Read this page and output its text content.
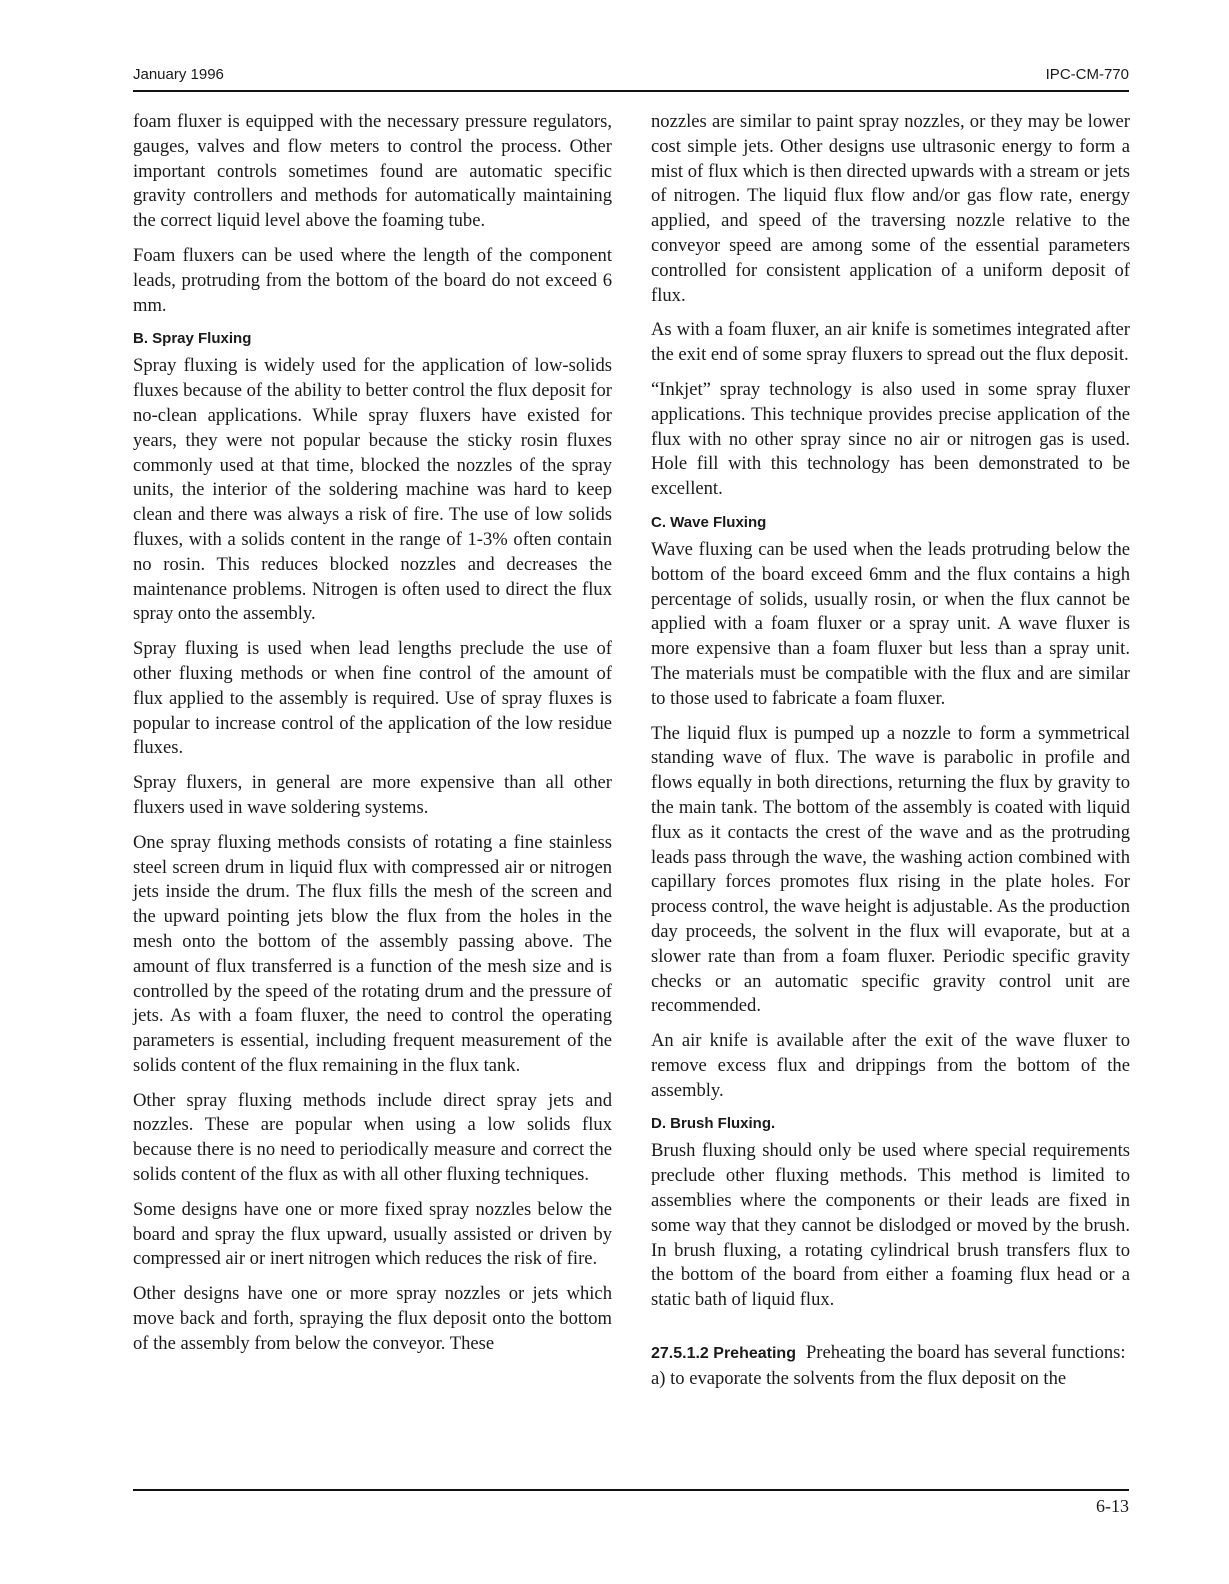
January 1996	IPC-CM-770

foam fluxer is equipped with the necessary pressure regulators, gauges, valves and flow meters to control the process. Other important controls sometimes found are automatic specific gravity controllers and methods for automatically maintaining the correct liquid level above the foaming tube.

Foam fluxers can be used where the length of the component leads, protruding from the bottom of the board do not exceed 6 mm.

B. Spray Fluxing

Spray fluxing is widely used for the application of low-solids fluxes because of the ability to better control the flux deposit for no-clean applications. While spray fluxers have existed for years, they were not popular because the sticky rosin fluxes commonly used at that time, blocked the nozzles of the spray units, the interior of the soldering machine was hard to keep clean and there was always a risk of fire. The use of low solids fluxes, with a solids content in the range of 1-3% often contain no rosin. This reduces blocked nozzles and decreases the maintenance problems. Nitrogen is often used to direct the flux spray onto the assembly.

Spray fluxing is used when lead lengths preclude the use of other fluxing methods or when fine control of the amount of flux applied to the assembly is required. Use of spray fluxes is popular to increase control of the application of the low residue fluxes.

Spray fluxers, in general are more expensive than all other fluxers used in wave soldering systems.

One spray fluxing methods consists of rotating a fine stainless steel screen drum in liquid flux with compressed air or nitrogen jets inside the drum. The flux fills the mesh of the screen and the upward pointing jets blow the flux from the holes in the mesh onto the bottom of the assembly passing above. The amount of flux transferred is a function of the mesh size and is controlled by the speed of the rotating drum and the pressure of jets. As with a foam fluxer, the need to control the operating parameters is essential, including frequent measurement of the solids content of the flux remaining in the flux tank.

Other spray fluxing methods include direct spray jets and nozzles. These are popular when using a low solids flux because there is no need to periodically measure and correct the solids content of the flux as with all other fluxing techniques.

Some designs have one or more fixed spray nozzles below the board and spray the flux upward, usually assisted or driven by compressed air or inert nitrogen which reduces the risk of fire.

Other designs have one or more spray nozzles or jets which move back and forth, spraying the flux deposit onto the bottom of the assembly from below the conveyor. These

nozzles are similar to paint spray nozzles, or they may be lower cost simple jets. Other designs use ultrasonic energy to form a mist of flux which is then directed upwards with a stream or jets of nitrogen. The liquid flux flow and/or gas flow rate, energy applied, and speed of the traversing nozzle relative to the conveyor speed are among some of the essential parameters controlled for consistent application of a uniform deposit of flux.

As with a foam fluxer, an air knife is sometimes integrated after the exit end of some spray fluxers to spread out the flux deposit.

“Inkjet” spray technology is also used in some spray fluxer applications. This technique provides precise application of the flux with no other spray since no air or nitrogen gas is used. Hole fill with this technology has been demonstrated to be excellent.

C. Wave Fluxing

Wave fluxing can be used when the leads protruding below the bottom of the board exceed 6mm and the flux contains a high percentage of solids, usually rosin, or when the flux cannot be applied with a foam fluxer or a spray unit. A wave fluxer is more expensive than a foam fluxer but less than a spray unit. The materials must be compatible with the flux and are similar to those used to fabricate a foam fluxer.

The liquid flux is pumped up a nozzle to form a symmetrical standing wave of flux. The wave is parabolic in profile and flows equally in both directions, returning the flux by gravity to the main tank. The bottom of the assembly is coated with liquid flux as it contacts the crest of the wave and as the protruding leads pass through the wave, the washing action combined with capillary forces promotes flux rising in the plate holes. For process control, the wave height is adjustable. As the production day proceeds, the solvent in the flux will evaporate, but at a slower rate than from a foam fluxer. Periodic specific gravity checks or an automatic specific gravity control unit are recommended.

An air knife is available after the exit of the wave fluxer to remove excess flux and drippings from the bottom of the assembly.

D. Brush Fluxing.

Brush fluxing should only be used where special requirements preclude other fluxing methods. This method is limited to assemblies where the components or their leads are fixed in some way that they cannot be dislodged or moved by the brush. In brush fluxing, a rotating cylindrical brush transfers flux to the bottom of the board from either a foaming flux head or a static bath of liquid flux.

27.5.1.2 Preheating Preheating the board has several functions:

a) to evaporate the solvents from the flux deposit on the

6-13
